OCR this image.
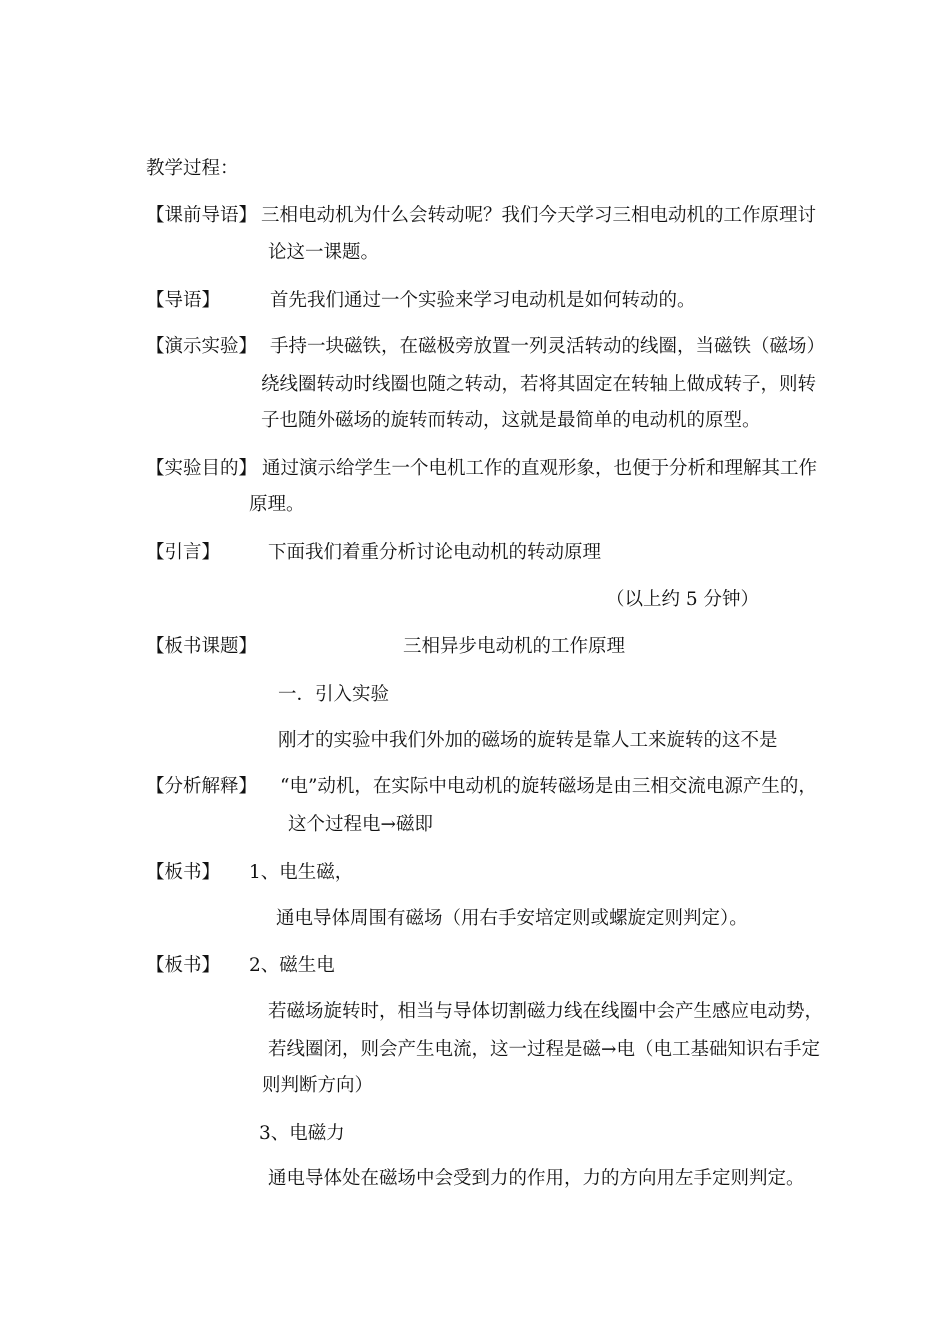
教学过程：
【课前导语】 三相电动机为什么会转动呢？我们今天学习三相电动机的工作原理讨
论这一课题。
【导语】	首先我们通过一个实验来学习电动机是如何转动的。
【演示实验】 手持一块磁铁，在磁极旁放置一列灵活转动的线圈，当磁铁（磁场）
绕线圈转动时线圈也随之转动，若将其固定在转轴上做成转子，则转
子也随外磁场的旋转而转动，这就是最简单的电动机的原型。
【实验目的】 通过演示给学生一个电机工作的直观形象，也便于分析和理解其工作
原理。
【引言】	下面我们着重分析讨论电动机的转动原理
（以上约 5 分钟）
【板书课题】	三相异步电动机的工作原理
一．引入实验
刚才的实验中我们外加的磁场的旋转是靠人工来旋转的这不是
【分析解释】 “电”动机，在实际中电动机的旋转磁场是由三相交流电源产生的，
这个过程电→磁即
【板书】 1、电生磁，
通电导体周围有磁场（用右手安培定则或螺旋定则判定）。
【板书】 2、磁生电
若磁场旋转时，相当与导体切割磁力线在线圈中会产生感应电动势，
若线圈闭，则会产生电流，这一过程是磁→电（电工基础知识右手定
则判断方向）
3、电磁力
通电导体处在磁场中会受到力的作用，力的方向用左手定则判定。
